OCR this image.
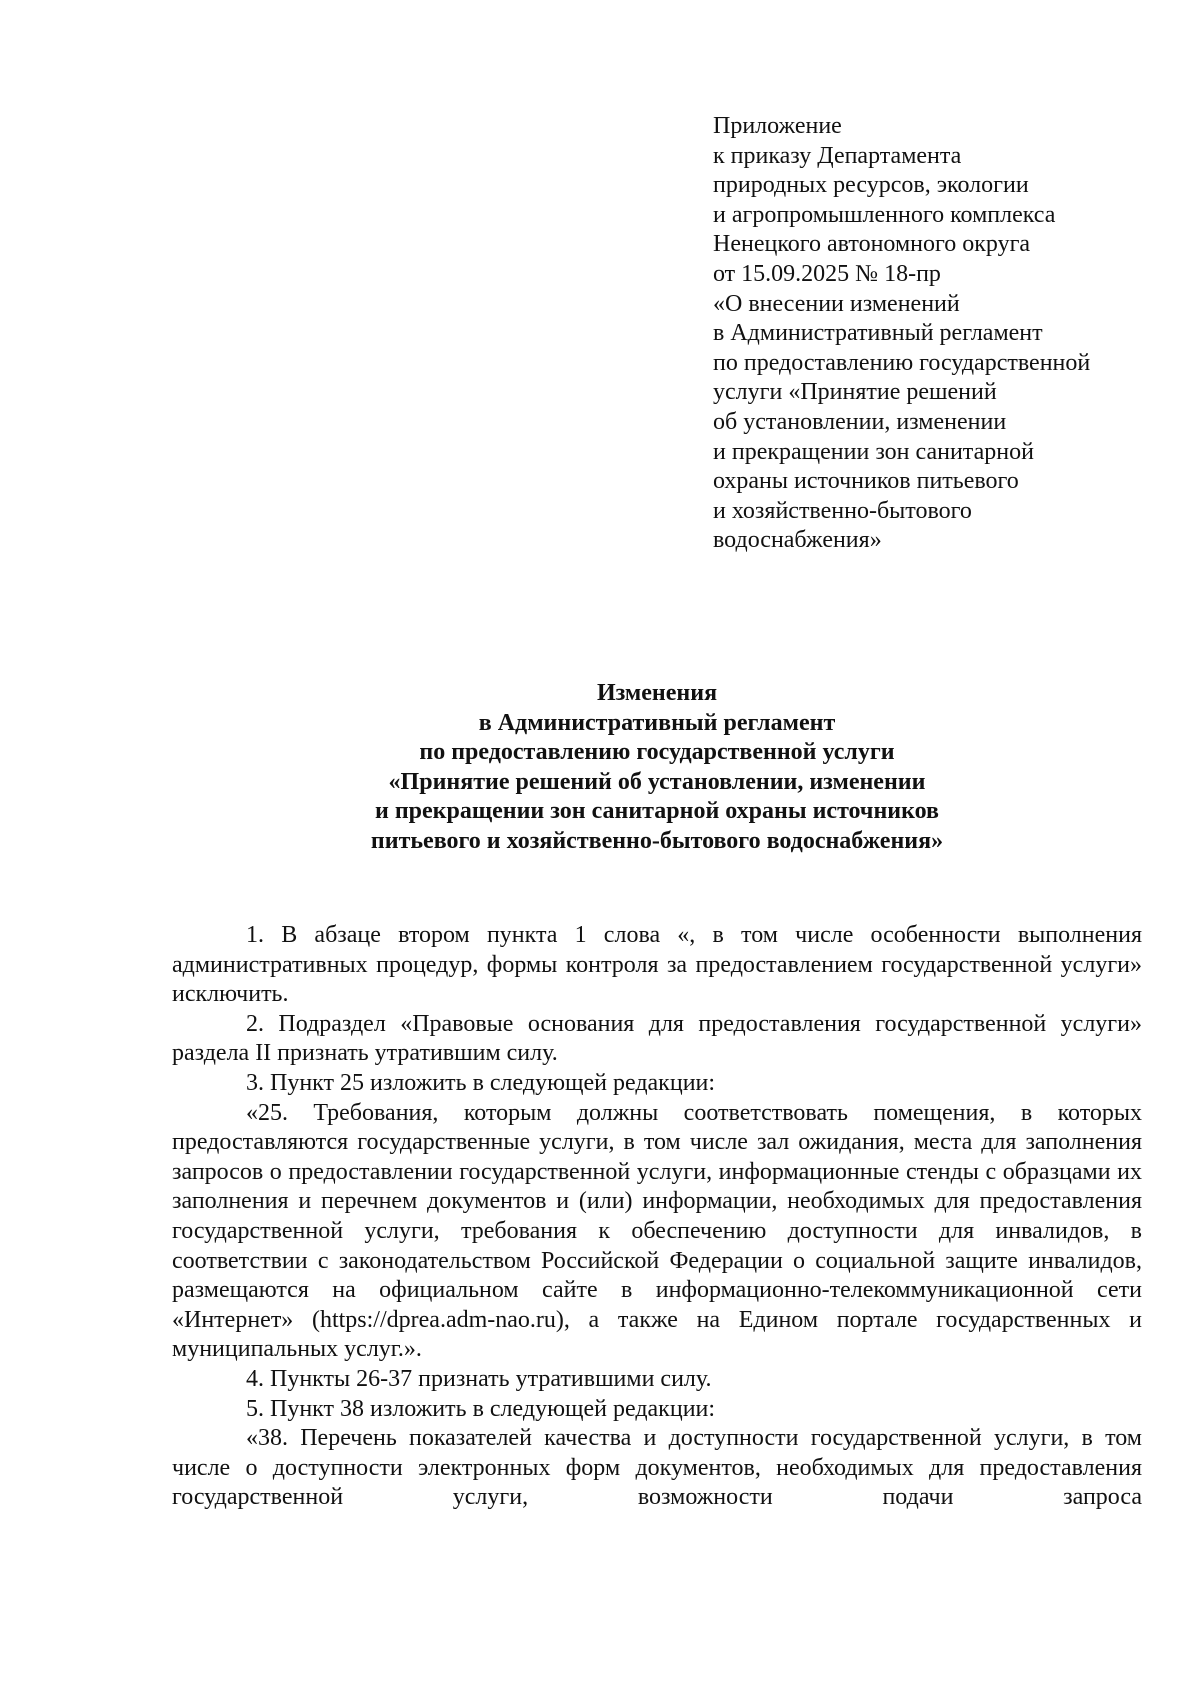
Приложение
к приказу Департамента
природных ресурсов, экологии
и агропромышленного комплекса
Ненецкого автономного округа
от 15.09.2025 № 18-пр
«О внесении изменений
в Административный регламент
по предоставлению государственной
услуги «Принятие решений
об установлении, изменении
и прекращении зон санитарной
охраны источников питьевого
и хозяйственно-бытового
водоснабжения»
Изменения
в Административный регламент
по предоставлению государственной услуги
«Принятие решений об установлении, изменении
и прекращении зон санитарной охраны источников
питьевого и хозяйственно-бытового водоснабжения»

1. В абзаце втором пункта 1 слова «, в том числе особенности выполнения административных процедур, формы контроля за предоставлением государственной услуги» исключить.

2. Подраздел «Правовые основания для предоставления государственной услуги» раздела II признать утратившим силу.

3. Пункт 25 изложить в следующей редакции:

«25. Требования, которым должны соответствовать помещения, в которых предоставляются государственные услуги, в том числе зал ожидания, места для заполнения запросов о предоставлении государственной услуги, информационные стенды с образцами их заполнения и перечнем документов и (или) информации, необходимых для предоставления государственной услуги, требования к обеспечению доступности для инвалидов, в соответствии с законодательством Российской Федерации о социальной защите инвалидов, размещаются на официальном сайте в информационно-телекоммуникационной сети «Интернет» (https://dprea.adm-nao.ru), а также на Едином портале государственных и муниципальных услуг.».

4. Пункты 26-37 признать утратившими силу.

5. Пункт 38 изложить в следующей редакции:

«38. Перечень показателей качества и доступности государственной услуги, в том числе о доступности электронных форм документов, необходимых для предоставления государственной услуги, возможности подачи запроса
